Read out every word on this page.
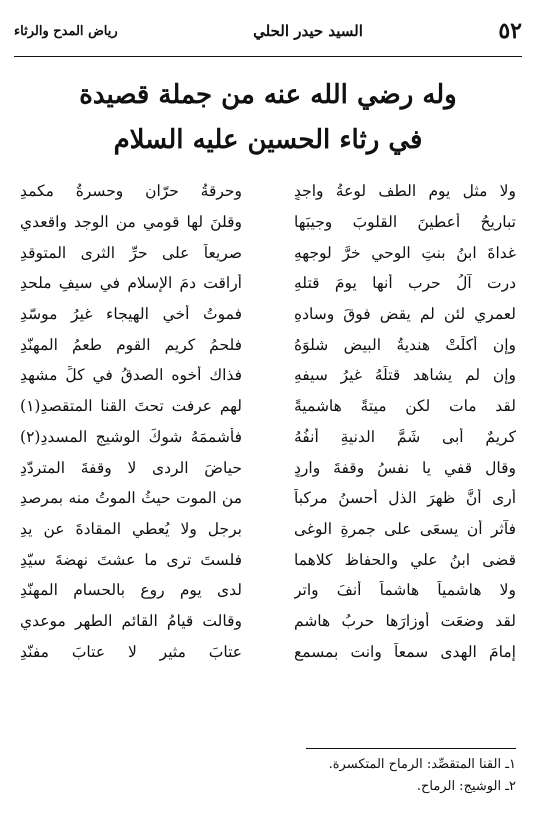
٥٢
السيد حيدر الحلي
رياض المدح والرثاء
وله رضي الله عنه من جملة قصيدة
في رثاء الحسين عليه السلام
ولا مثل يوم الطف لوعةُ واجدٍ
وحرقةُ حرّانٍ وحسرةُ مكمدِ
تباريحُ أعطينَ القلوبَ وجيبَها
وقلنَ لها قومي من الوجد واقعدي
غداةَ ابنُ بنتِ الوحي خرَّ لوجههِ
صريعاً على حرِّ الثرى المتوقدِ
درت آلُ حرب أنها يومَ قتلهِ
أراقت دمَ الإسلامِ في سيفِ ملحدِ
لعمري لئن لم يقضِ فوقَ وسادهِ
فموتُ أخي الهيجاء غيرُ موسّدِ
وإن أكلَتْ هنديةُ البيضِ شلوَهُ
فلحمُ كريمِ القومِ طعمُ المهنّدِ
وإن لم يشاهد قتلَهُ غيرُ سيفهِ
فذاك أخوه الصدقُ في كلِّ مشهدِ
لقد مات لكن ميتةً هاشميةً
لهم عرفت تحتَ القنا المتقصدِ(١)
كريمٌ أبى شَمَّ الدنيةِ أنفُهُ
فأشممَهُ شوكَ الوشيجِ المسددِ(٢)
وقال قفي يا نفسُ وقفةَ واردٍ
حياضَ الردى لا وقفةَ المتردّدِ
أرى أنَّ ظهرَ الذل أحسنُ مركباً
من الموت حيثُ الموتُ منه بمرصدِ
فآثر أن يسعَى على جمرةِ الوغى
برجلٍ ولا يُعطي المقادةَ عن يدِ
قضى ابنُ عليٍ والحفاظ كلاهما
فلستَ ترى ما عشتَ نهضةَ سيّدِ
ولا هاشمياً هاشماً أنفَ واترٍ
لدى يومِ روعٍ بالحسامِ المهنّدِ
لقد وضعَت أوزارَها حربُ هاشمٍ
وقالت قيامُ القائمِ الطهرِ موعدي
إمامَ الهدى سمعاً وانت بمسمعٍ
عتابَ مثيرٍ لا عتابَ مفنّدِ
١ـ القنا المتقصِّد: الرماح المتكسرة.
٢ـ الوشيج: الرماح.
